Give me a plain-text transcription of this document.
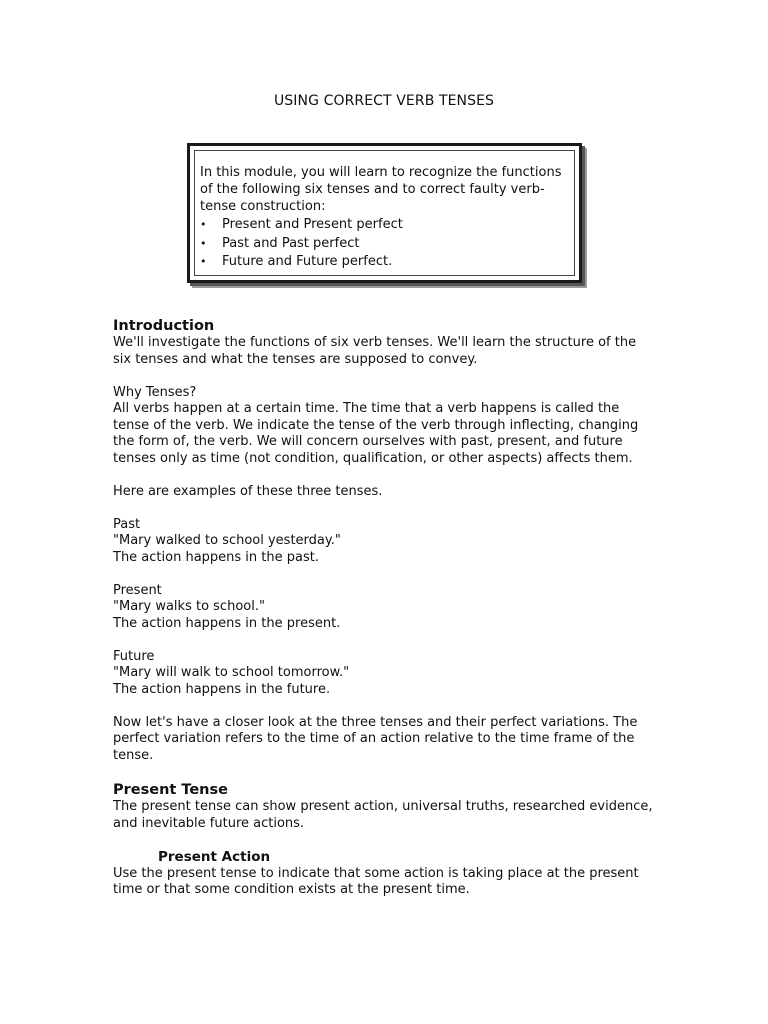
USING CORRECT VERB TENSES

In this module, you will learn to recognize the functions of the following six tenses and to correct faulty verb-tense construction:

• Present and Present perfect
• Past and Past perfect
• Future and Future perfect.
Introduction

We'll investigate the functions of six verb tenses. We'll learn the structure of the six tenses and what the tenses are supposed to convey.

Why Tenses?

All verbs happen at a certain time. The time that a verb happens is called the tense of the verb. We indicate the tense of the verb through inflecting, changing the form of, the verb. We will concern ourselves with past, present, and future tenses only as time (not condition, qualification, or other aspects) affects them.

Here are examples of these three tenses.

Past

"Mary walked to school yesterday."

The action happens in the past.

Present

"Mary walks to school."

The action happens in the present.

Future

"Mary will walk to school tomorrow."

The action happens in the future.

Now let's have a closer look at the three tenses and their perfect variations. The perfect variation refers to the time of an action relative to the time frame of the tense.

Present Tense

The present tense can show present action, universal truths, researched evidence, and inevitable future actions.

Present Action

Use the present tense to indicate that some action is taking place at the present time or that some condition exists at the present time.
